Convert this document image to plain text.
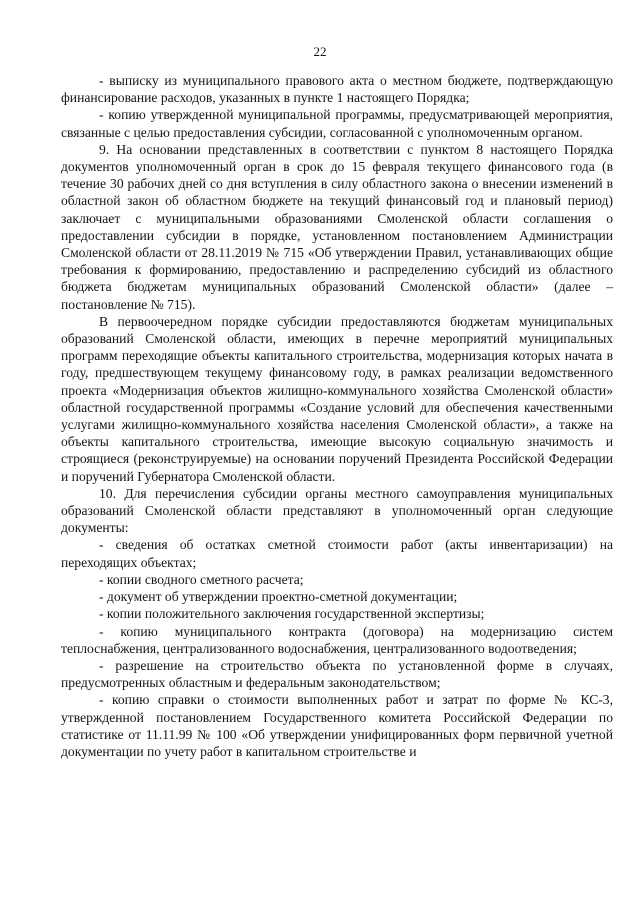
22

- выписку из муниципального правового акта о местном бюджете, подтверждающую финансирование расходов, указанных в пункте 1 настоящего Порядка;

- копию утвержденной муниципальной программы, предусматривающей мероприятия, связанные с целью предоставления субсидии, согласованной с уполномоченным органом.

9. На основании представленных в соответствии с пунктом 8 настоящего Порядка документов уполномоченный орган в срок до 15 февраля текущего финансового года (в течение 30 рабочих дней со дня вступления в силу областного закона о внесении изменений в областной закон об областном бюджете на текущий финансовый год и плановый период) заключает с муниципальными образованиями Смоленской области соглашения о предоставлении субсидии в порядке, установленном постановлением Администрации Смоленской области от 28.11.2019 № 715 «Об утверждении Правил, устанавливающих общие требования к формированию, предоставлению и распределению субсидий из областного бюджета бюджетам муниципальных образований Смоленской области» (далее – постановление № 715).

В первоочередном порядке субсидии предоставляются бюджетам муниципальных образований Смоленской области, имеющих в перечне мероприятий муниципальных программ переходящие объекты капитального строительства, модернизация которых начата в году, предшествующем текущему финансовому году, в рамках реализации ведомственного проекта «Модернизация объектов жилищно-коммунального хозяйства Смоленской области» областной государственной программы «Создание условий для обеспечения качественными услугами жилищно-коммунального хозяйства населения Смоленской области», а также на объекты капитального строительства, имеющие высокую социальную значимость и строящиеся (реконструируемые) на основании поручений Президента Российской Федерации и поручений Губернатора Смоленской области.

10. Для перечисления субсидии органы местного самоуправления муниципальных образований Смоленской области представляют в уполномоченный орган следующие документы:

- сведения об остатках сметной стоимости работ (акты инвентаризации) на переходящих объектах;

- копии сводного сметного расчета;

- документ об утверждении проектно-сметной документации;

- копии положительного заключения государственной экспертизы;

- копию муниципального контракта (договора) на модернизацию систем теплоснабжения, централизованного водоснабжения, централизованного водоотведения;

- разрешение на строительство объекта по установленной форме в случаях, предусмотренных областным и федеральным законодательством;

- копию справки о стоимости выполненных работ и затрат по форме № КС-3, утвержденной постановлением Государственного комитета Российской Федерации по статистике от 11.11.99 № 100 «Об утверждении унифицированных форм первичной учетной документации по учету работ в капитальном строительстве и
